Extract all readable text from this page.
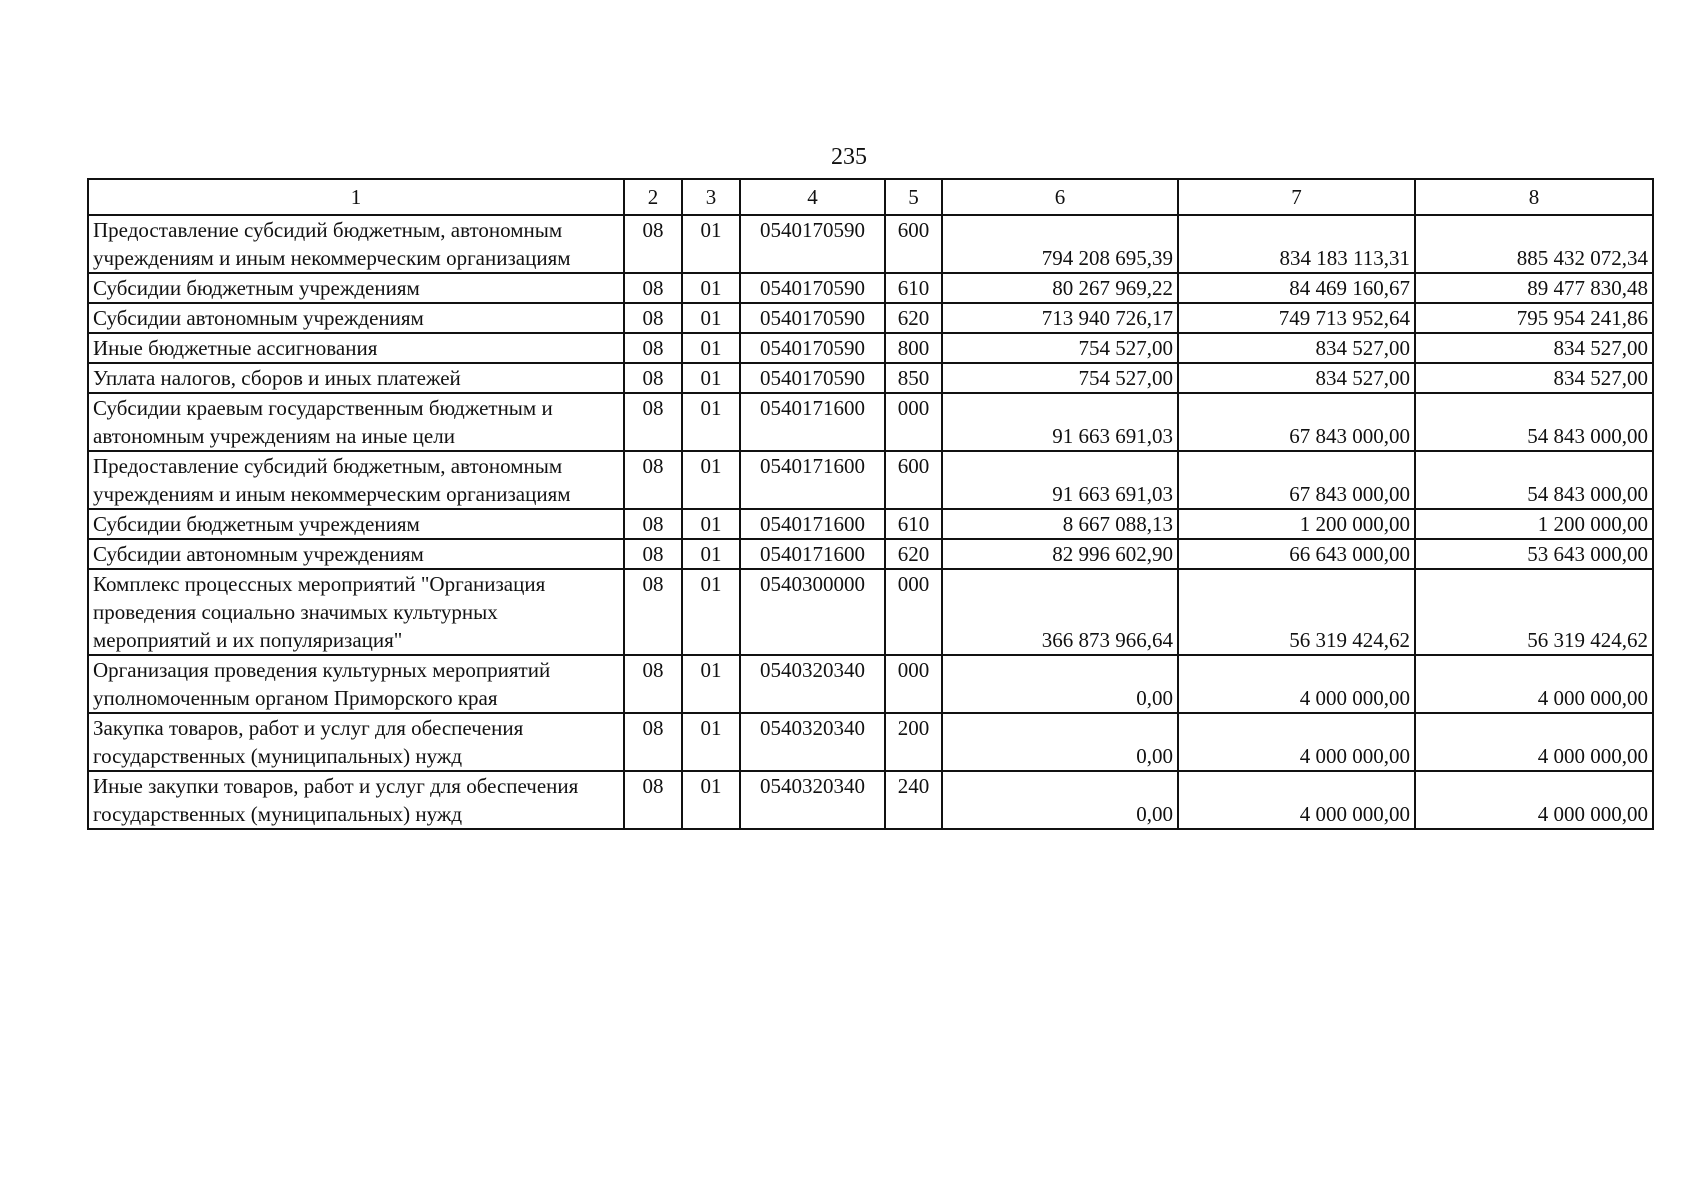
235
1	2	3	4	5	6	7	8
Предоставление субсидий бюджетным, автономным учреждениям и иным некоммерческим организациям	08	01	0540170590	600	794 208 695,39	834 183 113,31	885 432 072,34
Субсидии бюджетным учреждениям	08	01	0540170590	610	80 267 969,22	84 469 160,67	89 477 830,48
Субсидии автономным учреждениям	08	01	0540170590	620	713 940 726,17	749 713 952,64	795 954 241,86
Иные бюджетные ассигнования	08	01	0540170590	800	754 527,00	834 527,00	834 527,00
Уплата налогов, сборов и иных платежей	08	01	0540170590	850	754 527,00	834 527,00	834 527,00
Субсидии краевым государственным бюджетным и автономным учреждениям на иные цели	08	01	0540171600	000	91 663 691,03	67 843 000,00	54 843 000,00
Предоставление субсидий бюджетным, автономным учреждениям и иным некоммерческим организациям	08	01	0540171600	600	91 663 691,03	67 843 000,00	54 843 000,00
Субсидии бюджетным учреждениям	08	01	0540171600	610	8 667 088,13	1 200 000,00	1 200 000,00
Субсидии автономным учреждениям	08	01	0540171600	620	82 996 602,90	66 643 000,00	53 643 000,00
Комплекс процессных мероприятий "Организация проведения социально значимых культурных мероприятий и их популяризация"	08	01	0540300000	000	366 873 966,64	56 319 424,62	56 319 424,62
Организация проведения культурных мероприятий уполномоченным органом Приморского края	08	01	0540320340	000	0,00	4 000 000,00	4 000 000,00
Закупка товаров, работ и услуг для обеспечения государственных (муниципальных) нужд	08	01	0540320340	200	0,00	4 000 000,00	4 000 000,00
Иные закупки товаров, работ и услуг для обеспечения государственных (муниципальных) нужд	08	01	0540320340	240	0,00	4 000 000,00	4 000 000,00
